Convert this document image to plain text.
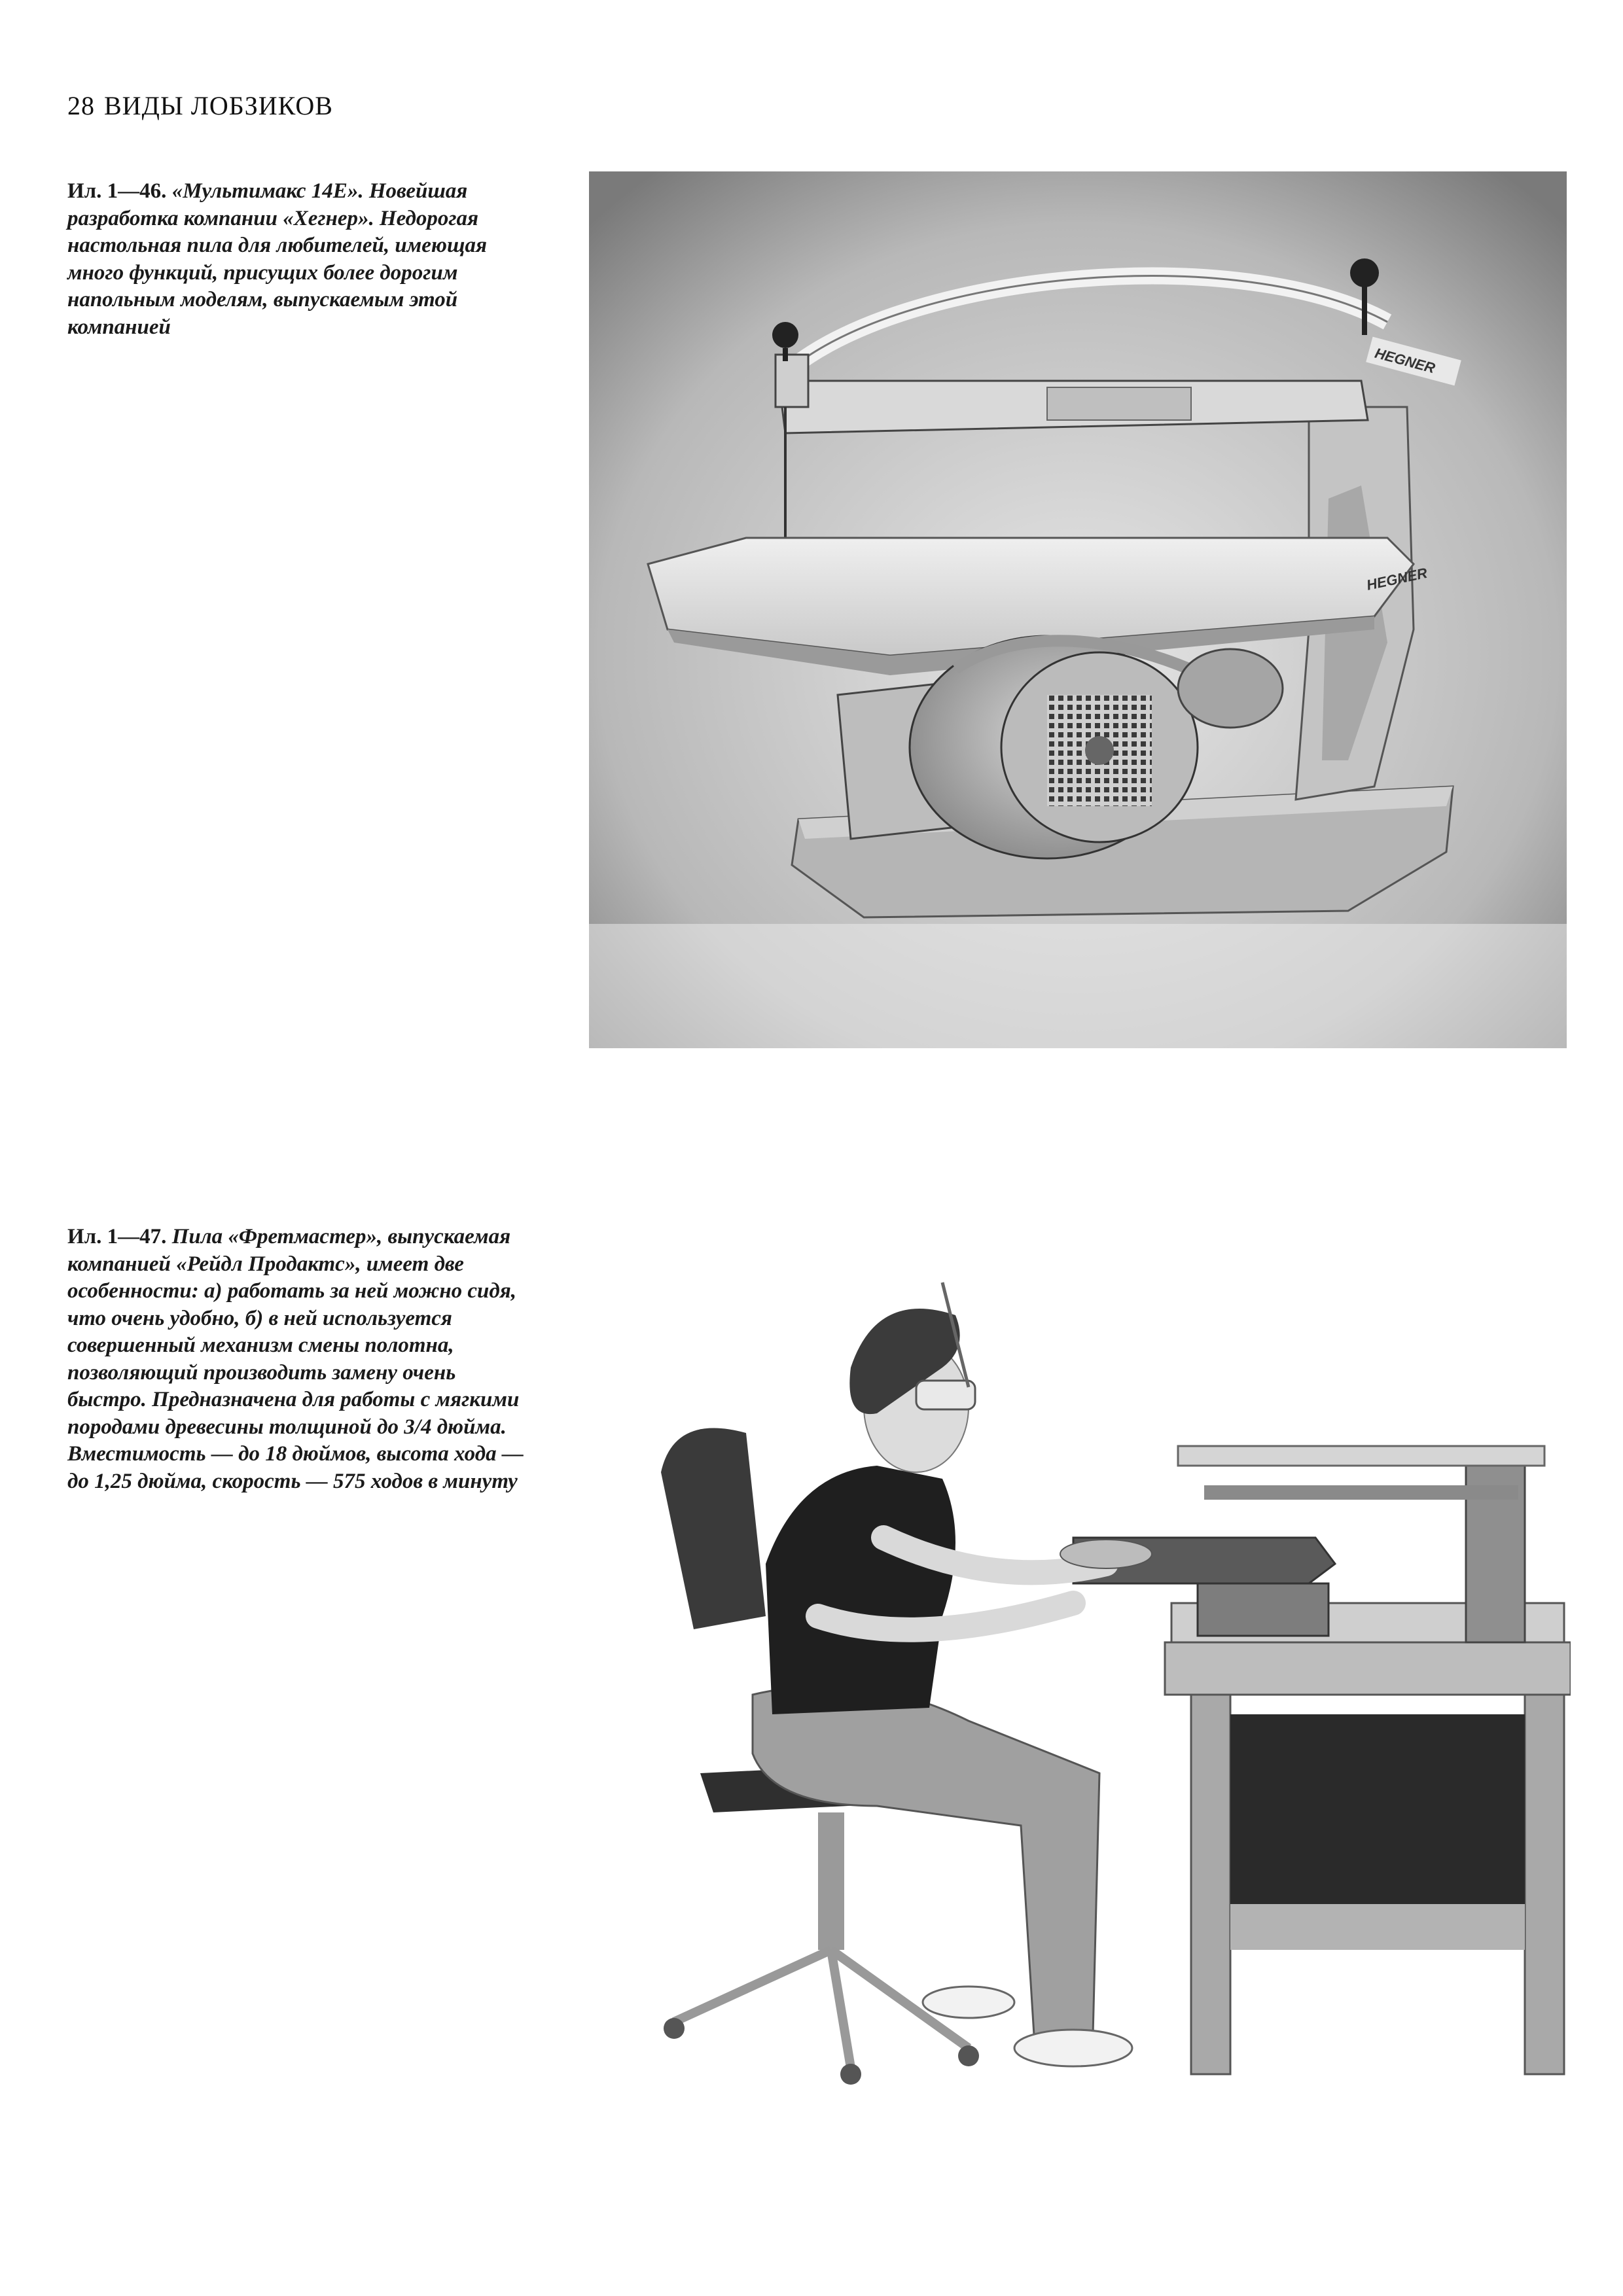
28 ВИДЫ ЛОБЗИКОВ
Ил. 1—46. «Мультимакс 14Е». Новейшая разработка компании «Хегнер». Недорогая настольная пила для любителей, имеющая много функций, присущих более дорогим напольным моделям, выпускаемым этой компанией
HEGNER
HEGNER
Ил. 1—47. Пила «Фретмастер», выпускаемая компанией «Рейдл Продактс», имеет две особенности: а) работать за ней можно сидя, что очень удобно, б) в ней используется совершенный механизм смены полотна, позволяющий производить замену очень быстро. Предназначена для работы с мягкими породами древесины толщиной до 3/4 дюйма. Вместимость — до 18 дюймов, высота хода — до 1,25 дюйма, скорость — 575 ходов в минуту
